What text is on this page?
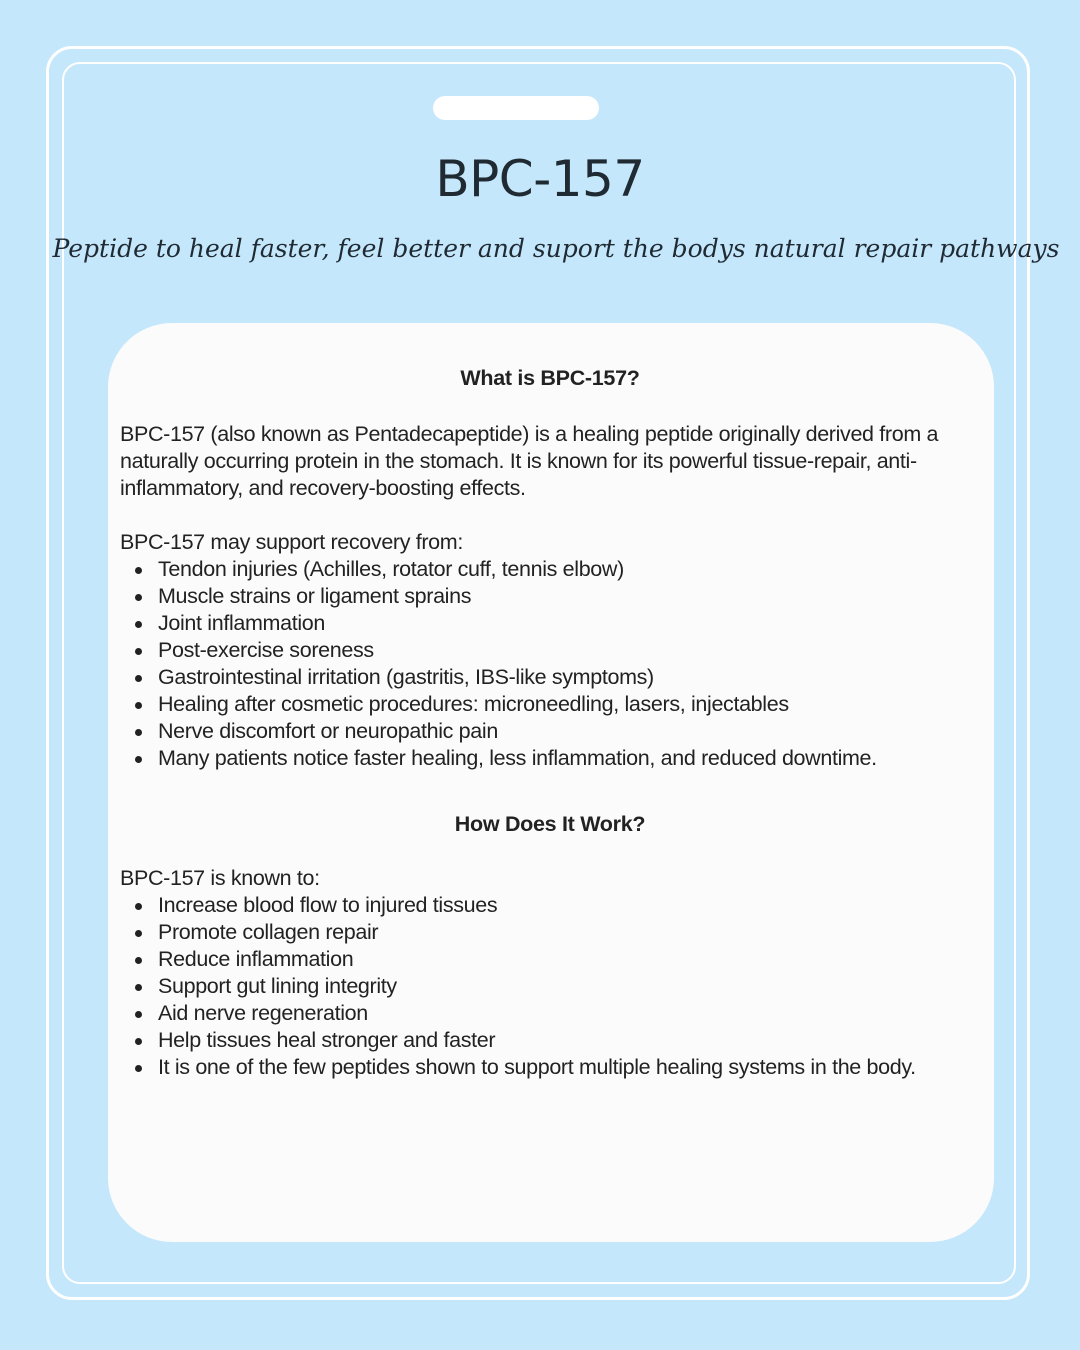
BPC-157

Peptide to heal faster, feel better and suport the bodys natural repair pathways

What is BPC-157?

BPC-157 (also known as Pentadecapeptide) is a healing peptide originally derived from a naturally occurring protein in the stomach. It is known for its powerful tissue-repair, anti-inflammatory, and recovery-boosting effects.

BPC-157 may support recovery from:

Tendon injuries (Achilles, rotator cuff, tennis elbow)
Muscle strains or ligament sprains
Joint inflammation
Post-exercise soreness
Gastrointestinal irritation (gastritis, IBS-like symptoms)
Healing after cosmetic procedures: microneedling, lasers, injectables
Nerve discomfort or neuropathic pain
Many patients notice faster healing, less inflammation, and reduced downtime.
How Does It Work?

BPC-157 is known to:

Increase blood flow to injured tissues
Promote collagen repair
Reduce inflammation
Support gut lining integrity
Aid nerve regeneration
Help tissues heal stronger and faster
It is one of the few peptides shown to support multiple healing systems in the body.
